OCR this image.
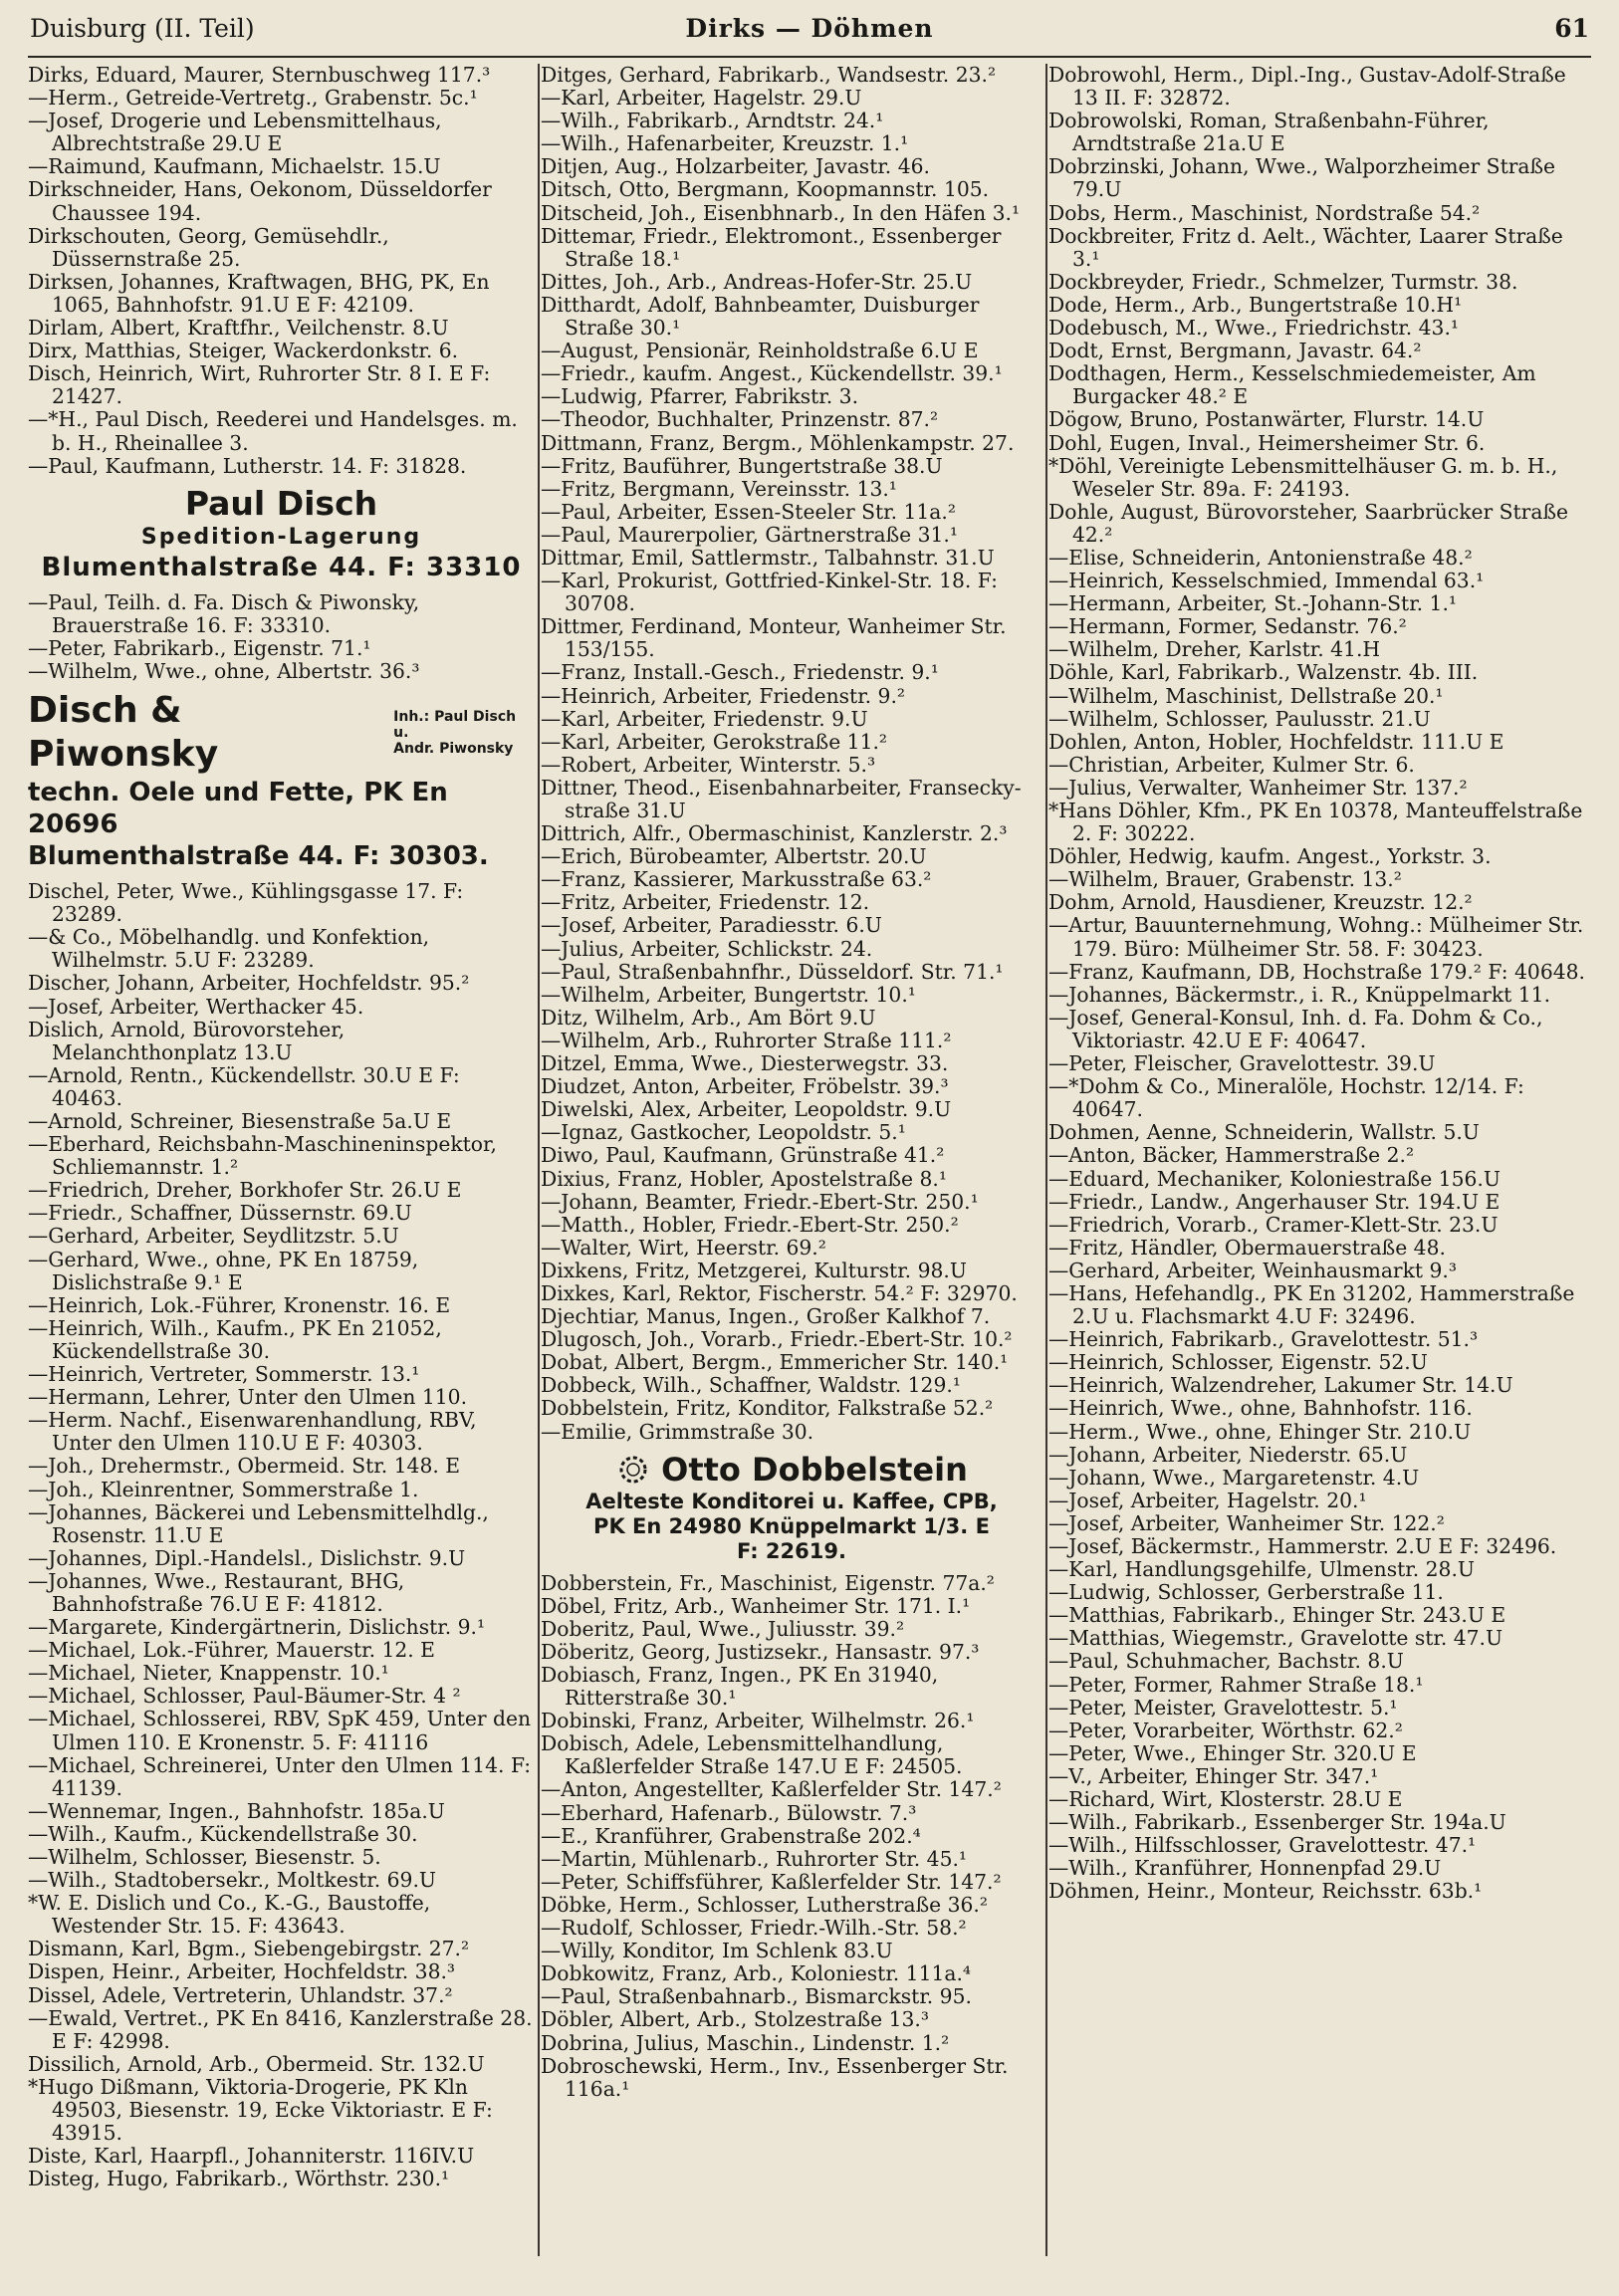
Duisburg (II. Teil)	Dirks — Döhmen	61
Dirks, Eduard, Maurer, Sternbuschweg 117.³
—Herm., Getreide-Vertretg., Grabenstr. 5c.¹
—Josef, Drogerie und Lebensmittelhaus, Albrechtstraße 29.U E
—Raimund, Kaufmann, Michaelstr. 15.U
Dirkschneider, Hans, Oekonom, Düsseldorfer Chaussee 194.
Dirkschouten, Georg, Gemüsehdlr., Düssernstraße 25.
Dirksen, Johannes, Kraftwagen, BHG, PK, En 1065, Bahnhofstr. 91.U E F: 42109.
Dirlam, Albert, Kraftfhr., Veilchenstr. 8.U
Dirx, Matthias, Steiger, Wackerdonkstr. 6.
Disch, Heinrich, Wirt, Ruhrorter Str. 8 I. E F: 21427.
—*H., Paul Disch, Reederei und Handelsges. m. b. H., Rheinallee 3.
—Paul, Kaufmann, Lutherstr. 14. F: 31828.
Paul Disch
Spedition-Lagerung
Blumenthalstraße 44. F: 33310
—Paul, Teilh. d. Fa. Disch & Piwonsky, Brauerstraße 16. F: 33310.
—Peter, Fabrikarb., Eigenstr. 71.¹
—Wilhelm, Wwe., ohne, Albertstr. 36.³
Disch & Piwonsky
Inh.: Paul Disch u.
Andr. Piwonsky
techn. Oele und Fette, PK En 20696
Blumenthalstraße 44. F: 30303.
Dischel, Peter, Wwe., Kühlingsgasse 17. F: 23289.
—& Co., Möbelhandlg. und Konfektion, Wilhelmstr. 5.U F: 23289.
Discher, Johann, Arbeiter, Hochfeldstr. 95.²
—Josef, Arbeiter, Werthacker 45.
Dislich, Arnold, Bürovorsteher, Melanchthonplatz 13.U
—Arnold, Rentn., Kückendellstr. 30.U E F: 40463.
—Arnold, Schreiner, Biesenstraße 5a.U E
—Eberhard, Reichsbahn-Maschineninspektor, Schliemannstr. 1.²
—Friedrich, Dreher, Borkhofer Str. 26.U E
—Friedr., Schaffner, Düssernstr. 69.U
—Gerhard, Arbeiter, Seydlitzstr. 5.U
—Gerhard, Wwe., ohne, PK En 18759, Dislichstraße 9.¹ E
—Heinrich, Lok.-Führer, Kronenstr. 16. E
—Heinrich, Wilh., Kaufm., PK En 21052, Kückendellstraße 30.
—Heinrich, Vertreter, Sommerstr. 13.¹
—Hermann, Lehrer, Unter den Ulmen 110.
—Herm. Nachf., Eisenwarenhandlung, RBV, Unter den Ulmen 110.U E F: 40303.
—Joh., Drehermstr., Obermeid. Str. 148. E
—Joh., Kleinrentner, Sommerstraße 1.
—Johannes, Bäckerei und Lebensmittelhdlg., Rosenstr. 11.U E
—Johannes, Dipl.-Handelsl., Dislichstr. 9.U
—Johannes, Wwe., Restaurant, BHG, Bahnhofstraße 76.U E F: 41812.
—Margarete, Kindergärtnerin, Dislichstr. 9.¹
—Michael, Lok.-Führer, Mauerstr. 12. E
—Michael, Nieter, Knappenstr. 10.¹
—Michael, Schlosser, Paul-Bäumer-Str. 4 ²
—Michael, Schlosserei, RBV, SpK 459, Unter den Ulmen 110. E Kronenstr. 5. F: 41116
—Michael, Schreinerei, Unter den Ulmen 114. F: 41139.
—Wennemar, Ingen., Bahnhofstr. 185a.U
—Wilh., Kaufm., Kückendellstraße 30.
—Wilhelm, Schlosser, Biesenstr. 5.
—Wilh., Stadtobersekr., Moltkestr. 69.U
*W. E. Dislich und Co., K.-G., Baustoffe, Westender Str. 15. F: 43643.
Dismann, Karl, Bgm., Siebengebirgstr. 27.²
Dispen, Heinr., Arbeiter, Hochfeldstr. 38.³
Dissel, Adele, Vertreterin, Uhlandstr. 37.²
—Ewald, Vertret., PK En 8416, Kanzlerstraße 28. E F: 42998.
Dissilich, Arnold, Arb., Obermeid. Str. 132.U
*Hugo Dißmann, Viktoria-Drogerie, PK Kln 49503, Biesenstr. 19, Ecke Viktoriastr. E F: 43915.
Diste, Karl, Haarpfl., Johanniterstr. 116IV.U
Disteg, Hugo, Fabrikarb., Wörthstr. 230.¹
Ditges, Gerhard, Fabrikarb., Wandsestr. 23.²
—Karl, Arbeiter, Hagelstr. 29.U
—Wilh., Fabrikarb., Arndtstr. 24.¹
—Wilh., Hafenarbeiter, Kreuzstr. 1.¹
Ditjen, Aug., Holzarbeiter, Javastr. 46.
Ditsch, Otto, Bergmann, Koopmannstr. 105.
Ditscheid, Joh., Eisenbhnarb., In den Häfen 3.¹
Dittemar, Friedr., Elektromont., Essenberger Straße 18.¹
Dittes, Joh., Arb., Andreas-Hofer-Str. 25.U
Ditthardt, Adolf, Bahnbeamter, Duisburger Straße 30.¹
—August, Pensionär, Reinholdstraße 6.U E
—Friedr., kaufm. Angest., Kückendellstr. 39.¹
—Ludwig, Pfarrer, Fabrikstr. 3.
—Theodor, Buchhalter, Prinzenstr. 87.²
Dittmann, Franz, Bergm., Möhlenkampstr. 27.
—Fritz, Bauführer, Bungertstraße 38.U
—Fritz, Bergmann, Vereinsstr. 13.¹
—Paul, Arbeiter, Essen-Steeler Str. 11a.²
—Paul, Maurerpolier, Gärtnerstraße 31.¹
Dittmar, Emil, Sattlermstr., Talbahnstr. 31.U
—Karl, Prokurist, Gottfried-Kinkel-Str. 18. F: 30708.
Dittmer, Ferdinand, Monteur, Wanheimer Str. 153/155.
—Franz, Install.-Gesch., Friedenstr. 9.¹
—Heinrich, Arbeiter, Friedenstr. 9.²
—Karl, Arbeiter, Friedenstr. 9.U
—Karl, Arbeiter, Gerokstraße 11.²
—Robert, Arbeiter, Winterstr. 5.³
Dittner, Theod., Eisenbahnarbeiter, Fransecky-straße 31.U
Dittrich, Alfr., Obermaschinist, Kanzlerstr. 2.³
—Erich, Bürobeamter, Albertstr. 20.U
—Franz, Kassierer, Markusstraße 63.²
—Fritz, Arbeiter, Friedenstr. 12.
—Josef, Arbeiter, Paradiesstr. 6.U
—Julius, Arbeiter, Schlickstr. 24.
—Paul, Straßenbahnfhr., Düsseldorf. Str. 71.¹
—Wilhelm, Arbeiter, Bungertstr. 10.¹
Ditz, Wilhelm, Arb., Am Bört 9.U
—Wilhelm, Arb., Ruhrorter Straße 111.²
Ditzel, Emma, Wwe., Diesterwegstr. 33.
Diudzet, Anton, Arbeiter, Fröbelstr. 39.³
Diwelski, Alex, Arbeiter, Leopoldstr. 9.U
—Ignaz, Gastkocher, Leopoldstr. 5.¹
Diwo, Paul, Kaufmann, Grünstraße 41.²
Dixius, Franz, Hobler, Apostelstraße 8.¹
—Johann, Beamter, Friedr.-Ebert-Str. 250.¹
—Matth., Hobler, Friedr.-Ebert-Str. 250.²
—Walter, Wirt, Heerstr. 69.²
Dixkens, Fritz, Metzgerei, Kulturstr. 98.U
Dixkes, Karl, Rektor, Fischerstr. 54.² F: 32970.
Djechtiar, Manus, Ingen., Großer Kalkhof 7.
Dlugosch, Joh., Vorarb., Friedr.-Ebert-Str. 10.²
Dobat, Albert, Bergm., Emmericher Str. 140.¹
Dobbeck, Wilh., Schaffner, Waldstr. 129.¹
Dobbelstein, Fritz, Konditor, Falkstraße 52.²
—Emilie, Grimmstraße 30.
Otto Dobbelstein
Aelteste Konditorei u. Kaffee, CPB,
PK En 24980 Knüppelmarkt 1/3. E
F: 22619.
Dobberstein, Fr., Maschinist, Eigenstr. 77a.²
Döbel, Fritz, Arb., Wanheimer Str. 171. I.¹
Doberitz, Paul, Wwe., Juliusstr. 39.²
Döberitz, Georg, Justizsekr., Hansastr. 97.³
Dobiasch, Franz, Ingen., PK En 31940, Ritterstraße 30.¹
Dobinski, Franz, Arbeiter, Wilhelmstr. 26.¹
Dobisch, Adele, Lebensmittelhandlung, Kaßlerfelder Straße 147.U E F: 24505.
—Anton, Angestellter, Kaßlerfelder Str. 147.²
—Eberhard, Hafenarb., Bülowstr. 7.³
—E., Kranführer, Grabenstraße 202.⁴
—Martin, Mühlenarb., Ruhrorter Str. 45.¹
—Peter, Schiffsführer, Kaßlerfelder Str. 147.²
Döbke, Herm., Schlosser, Lutherstraße 36.²
—Rudolf, Schlosser, Friedr.-Wilh.-Str. 58.²
—Willy, Konditor, Im Schlenk 83.U
Dobkowitz, Franz, Arb., Koloniestr. 111a.⁴
—Paul, Straßenbahnarb., Bismarckstr. 95.
Döbler, Albert, Arb., Stolzestraße 13.³
Dobrina, Julius, Maschin., Lindenstr. 1.²
Dobroschewski, Herm., Inv., Essenberger Str. 116a.¹
Dobrowohl, Herm., Dipl.-Ing., Gustav-Adolf-Straße 13 II. F: 32872.
Dobrowolski, Roman, Straßenbahn-Führer, Arndtstraße 21a.U E
Dobrzinski, Johann, Wwe., Walporzheimer Straße 79.U
Dobs, Herm., Maschinist, Nordstraße 54.²
Dockbreiter, Fritz d. Aelt., Wächter, Laarer Straße 3.¹
Dockbreyder, Friedr., Schmelzer, Turmstr. 38.
Dode, Herm., Arb., Bungertstraße 10.H¹
Dodebusch, M., Wwe., Friedrichstr. 43.¹
Dodt, Ernst, Bergmann, Javastr. 64.²
Dodthagen, Herm., Kesselschmiedemeister, Am Burgacker 48.² E
Dögow, Bruno, Postanwärter, Flurstr. 14.U
Dohl, Eugen, Inval., Heimersheimer Str. 6.
*Döhl, Vereinigte Lebensmittelhäuser G. m. b. H., Weseler Str. 89a. F: 24193.
Dohle, August, Bürovorsteher, Saarbrücker Straße 42.²
—Elise, Schneiderin, Antonienstraße 48.²
—Heinrich, Kesselschmied, Immendal 63.¹
—Hermann, Arbeiter, St.-Johann-Str. 1.¹
—Hermann, Former, Sedanstr. 76.²
—Wilhelm, Dreher, Karlstr. 41.H
Döhle, Karl, Fabrikarb., Walzenstr. 4b. III.
—Wilhelm, Maschinist, Dellstraße 20.¹
—Wilhelm, Schlosser, Paulusstr. 21.U
Dohlen, Anton, Hobler, Hochfeldstr. 111.U E
—Christian, Arbeiter, Kulmer Str. 6.
—Julius, Verwalter, Wanheimer Str. 137.²
*Hans Döhler, Kfm., PK En 10378, Manteuffelstraße 2. F: 30222.
Döhler, Hedwig, kaufm. Angest., Yorkstr. 3.
—Wilhelm, Brauer, Grabenstr. 13.²
Dohm, Arnold, Hausdiener, Kreuzstr. 12.²
—Artur, Bauunternehmung, Wohng.: Mülheimer Str. 179. Büro: Mülheimer Str. 58. F: 30423.
—Franz, Kaufmann, DB, Hochstraße 179.² F: 40648.
—Johannes, Bäckermstr., i. R., Knüppelmarkt 11.
—Josef, General-Konsul, Inh. d. Fa. Dohm & Co., Viktoriastr. 42.U E F: 40647.
—Peter, Fleischer, Gravelottestr. 39.U
—*Dohm & Co., Mineralöle, Hochstr. 12/14. F: 40647.
Dohmen, Aenne, Schneiderin, Wallstr. 5.U
—Anton, Bäcker, Hammerstraße 2.²
—Eduard, Mechaniker, Koloniestraße 156.U
—Friedr., Landw., Angerhauser Str. 194.U E
—Friedrich, Vorarb., Cramer-Klett-Str. 23.U
—Fritz, Händler, Obermauerstraße 48.
—Gerhard, Arbeiter, Weinhausmarkt 9.³
—Hans, Hefehandlg., PK En 31202, Hammerstraße 2.U u. Flachsmarkt 4.U F: 32496.
—Heinrich, Fabrikarb., Gravelottestr. 51.³
—Heinrich, Schlosser, Eigenstr. 52.U
—Heinrich, Walzendreher, Lakumer Str. 14.U
—Heinrich, Wwe., ohne, Bahnhofstr. 116.
—Herm., Wwe., ohne, Ehinger Str. 210.U
—Johann, Arbeiter, Niederstr. 65.U
—Johann, Wwe., Margaretenstr. 4.U
—Josef, Arbeiter, Hagelstr. 20.¹
—Josef, Arbeiter, Wanheimer Str. 122.²
—Josef, Bäckermstr., Hammerstr. 2.U E F: 32496.
—Karl, Handlungsgehilfe, Ulmenstr. 28.U
—Ludwig, Schlosser, Gerberstraße 11.
—Matthias, Fabrikarb., Ehinger Str. 243.U E
—Matthias, Wiegemstr., Gravelotte str. 47.U
—Paul, Schuhmacher, Bachstr. 8.U
—Peter, Former, Rahmer Straße 18.¹
—Peter, Meister, Gravelottestr. 5.¹
—Peter, Vorarbeiter, Wörthstr. 62.²
—Peter, Wwe., Ehinger Str. 320.U E
—V., Arbeiter, Ehinger Str. 347.¹
—Richard, Wirt, Klosterstr. 28.U E
—Wilh., Fabrikarb., Essenberger Str. 194a.U
—Wilh., Hilfsschlosser, Gravelottestr. 47.¹
—Wilh., Kranführer, Honnenpfad 29.U
Döhmen, Heinr., Monteur, Reichsstr. 63b.¹
